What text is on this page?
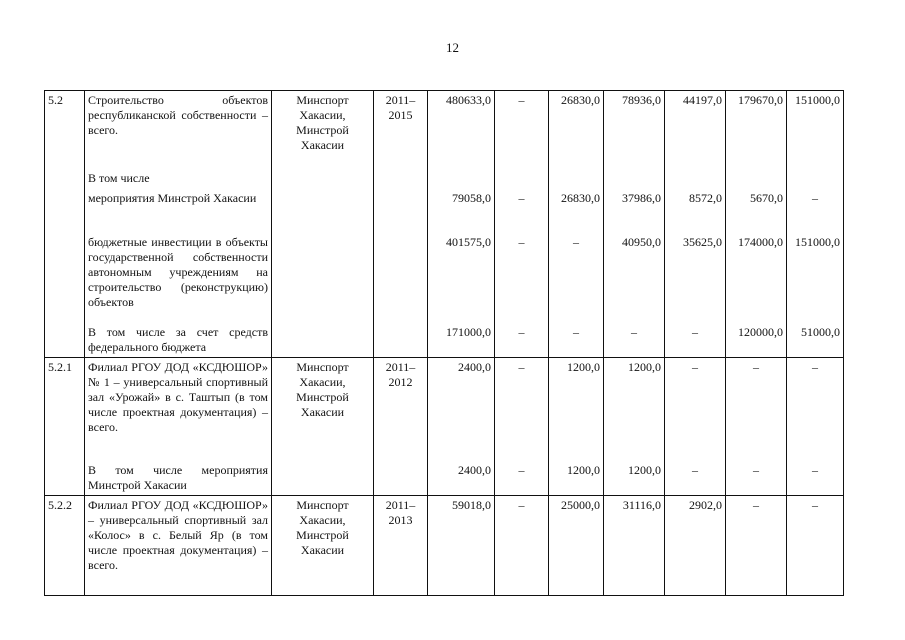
12
5.2	Строительство объектов республиканской собственности – всего.	Минспорт Хакасии, Минстрой Хакасии	2011–2015	480633,0	–	26830,0	78936,0	44197,0	179670,0	151000,0
	В том числе									
	мероприятия Минстрой Хакасии			79058,0	–	26830,0	37986,0	8572,0	5670,0	–
	бюджетные инвестиции в объекты государственной собственности автономным учреждениям на строительство (реконструкцию) объектов			401575,0	–	–	40950,0	35625,0	174000,0	151000,0
	В том числе за счет средств федерального бюджета			171000,0	–	–	–	–	120000,0	51000,0
5.2.1	Филиал РГОУ ДОД «КСДЮШОР» № 1 – универсальный спортивный зал «Урожай» в с. Таштып (в том числе проектная документация) – всего.	Минспорт Хакасии, Минстрой Хакасии	2011–2012	2400,0	–	1200,0	1200,0	–	–	–
	В том числе мероприятия Минстрой Хакасии			2400,0	–	1200,0	1200,0	–	–	–
5.2.2	Филиал РГОУ ДОД «КСДЮШОР» – универсальный спортивный зал «Колос» в с. Белый Яр (в том числе проектная документация) – всего.	Минспорт Хакасии, Минстрой Хакасии	2011–2013	59018,0	–	25000,0	31116,0	2902,0	–	–
